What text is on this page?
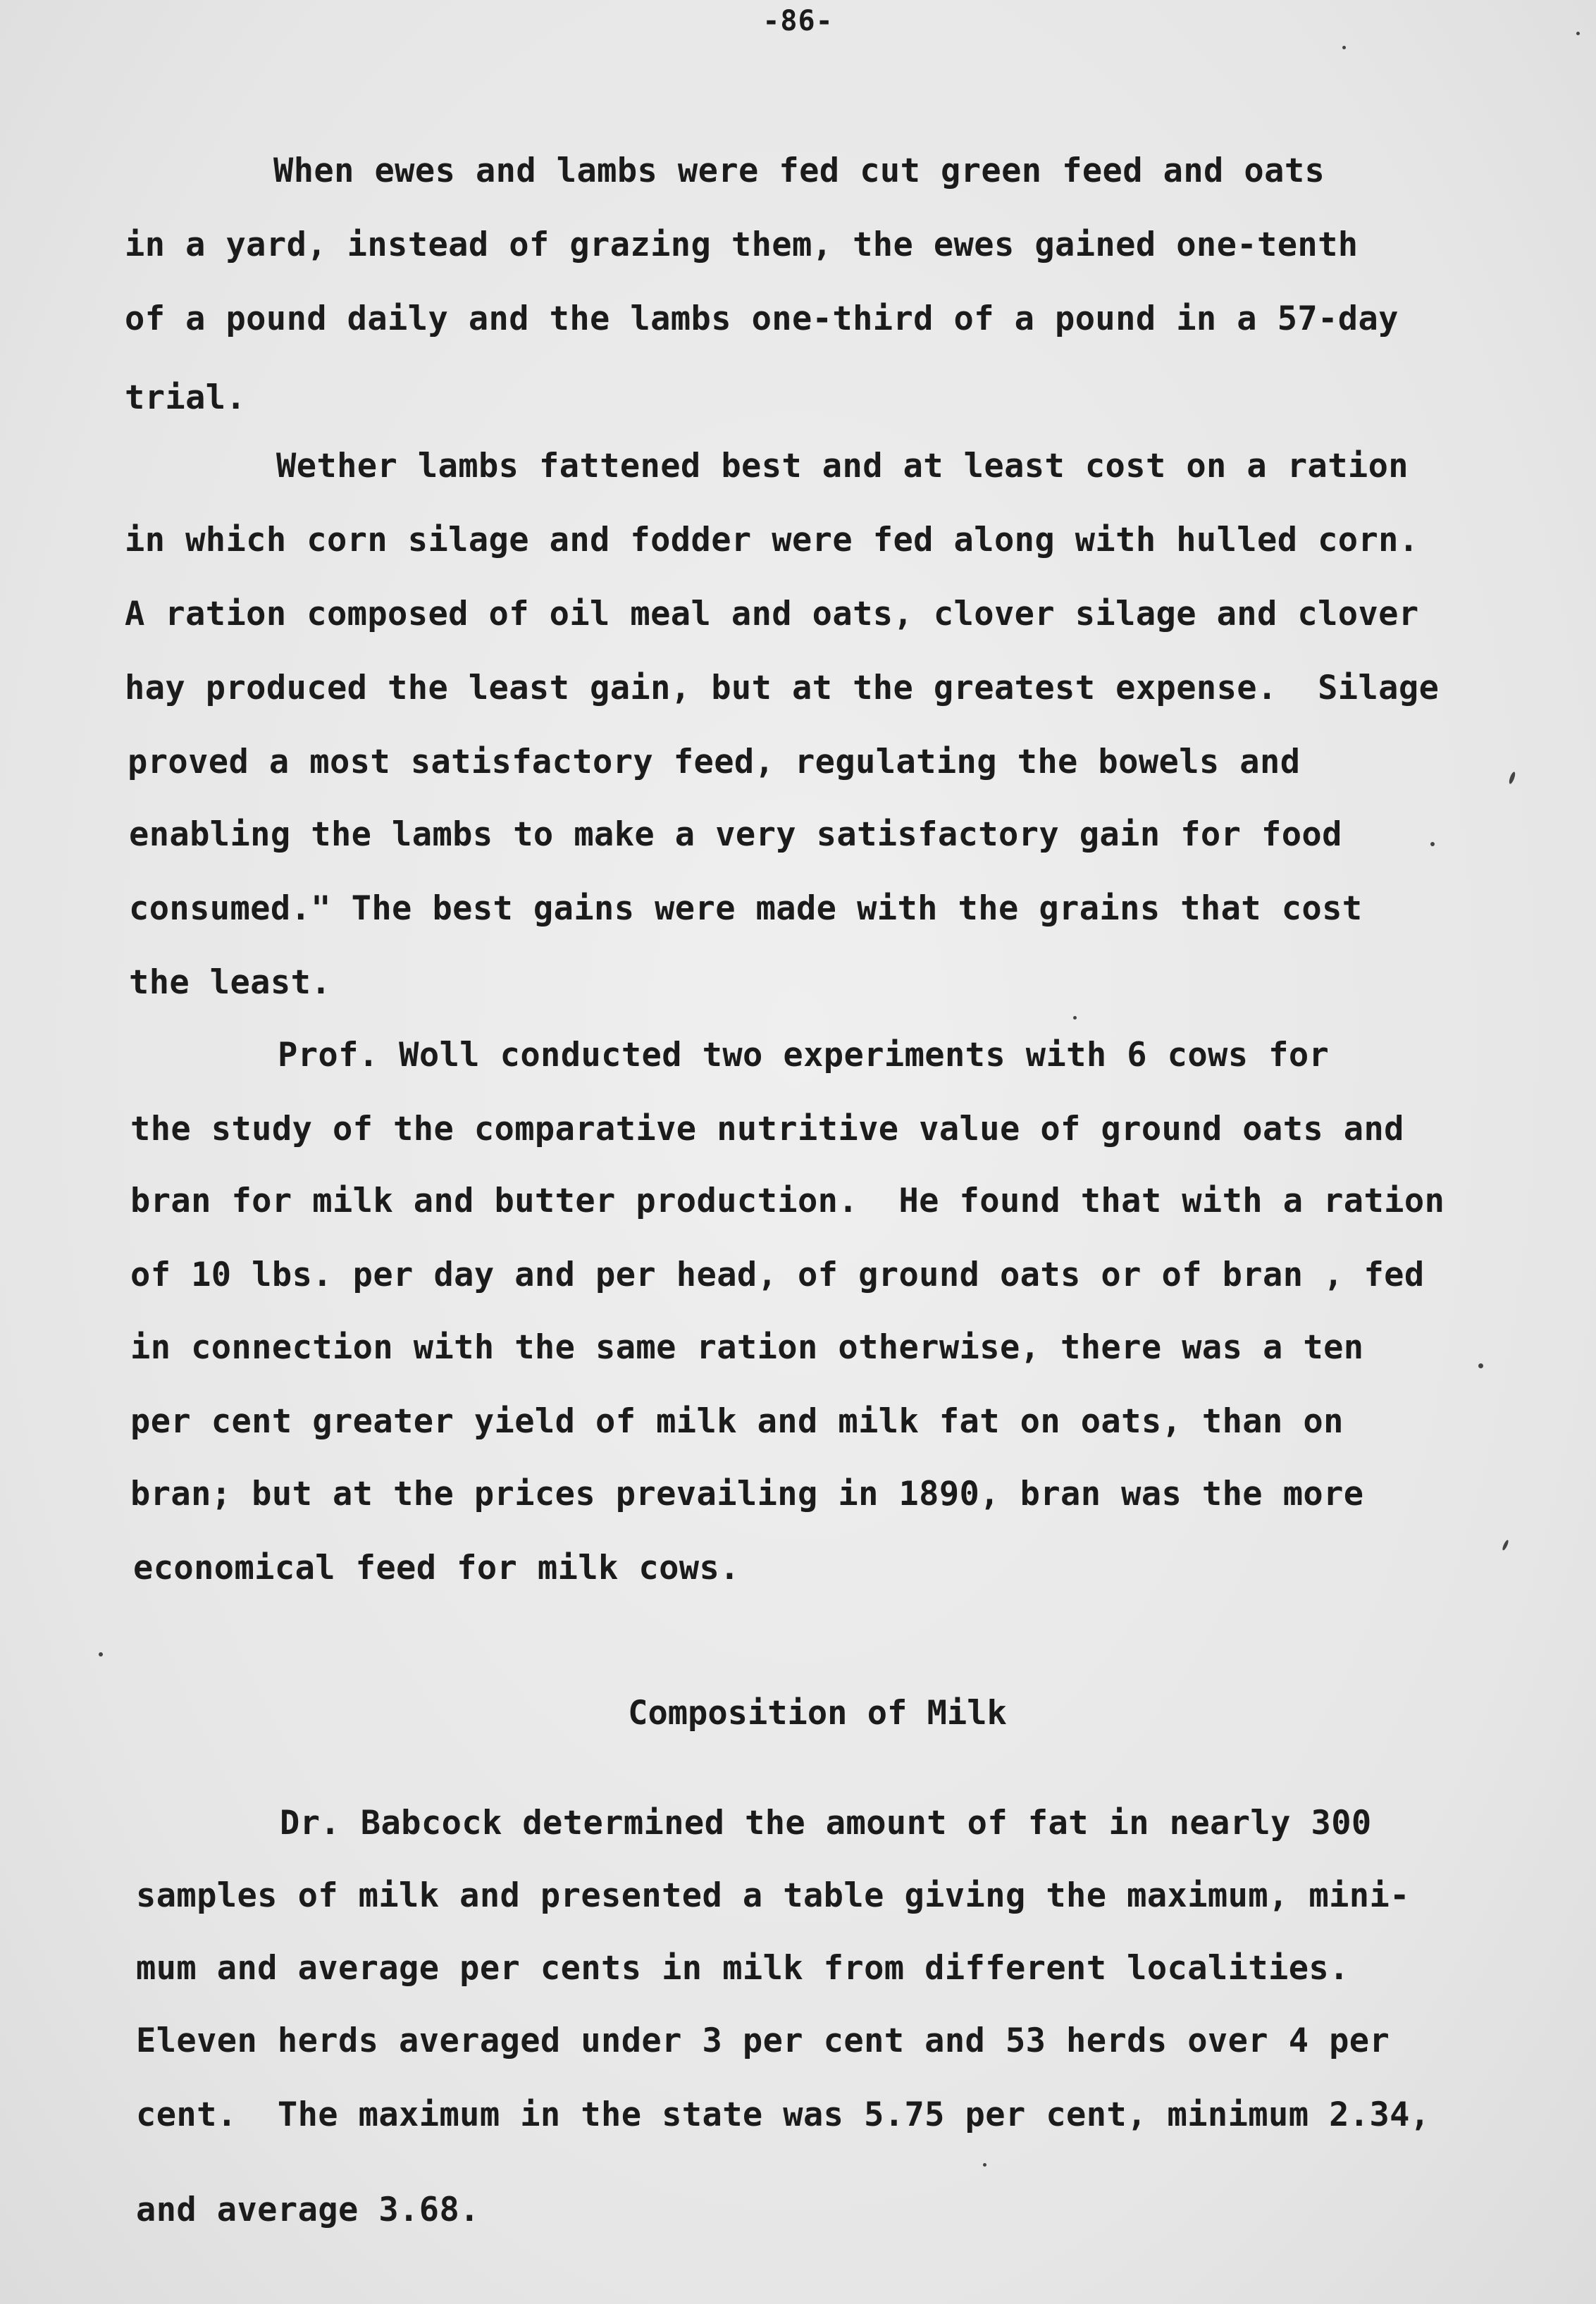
-86-
When ewes and lambs were fed cut green feed and oats
in a yard, instead of grazing them, the ewes gained one-tenth
of a pound daily and the lambs one-third of a pound in a 57-day
trial.
Wether lambs fattened best and at least cost on a ration
in which corn silage and fodder were fed along with hulled corn.
A ration composed of oil meal and oats, clover silage and clover
hay produced the least gain, but at the greatest expense.  Silage
proved a most satisfactory feed, regulating the bowels and
enabling the lambs to make a very satisfactory gain for food
consumed." The best gains were made with the grains that cost
the least.
Prof. Woll conducted two experiments with 6 cows for
the study of the comparative nutritive value of ground oats and
bran for milk and butter production.  He found that with a ration
of 10 lbs. per day and per head, of ground oats or of bran , fed
in connection with the same ration otherwise, there was a ten
per cent greater yield of milk and milk fat on oats, than on
bran; but at the prices prevailing in 1890, bran was the more
economical feed for milk cows.
Composition of Milk
Dr. Babcock determined the amount of fat in nearly 300
samples of milk and presented a table giving the maximum, mini-
mum and average per cents in milk from different localities.
Eleven herds averaged under 3 per cent and 53 herds over 4 per
cent.  The maximum in the state was 5.75 per cent, minimum 2.34,
and average 3.68.
